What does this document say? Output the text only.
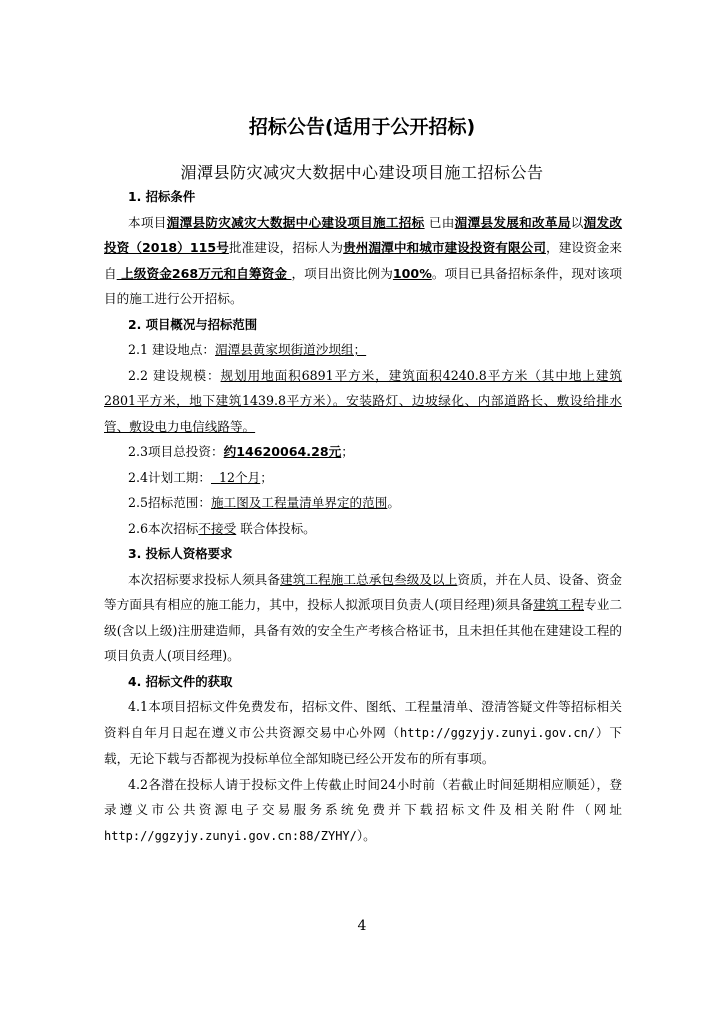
招标公告(适用于公开招标)
湄潭县防灾减灾大数据中心建设项目施工招标公告

1. 招标条件

本项目湄潭县防灾减灾大数据中心建设项目施工招标 已由湄潭县发展和改革局以湄发改投资（2018）115号批准建设，招标人为贵州湄潭中和城市建设投资有限公司，建设资金来自 上级资金268万元和自筹资金 ，项目出资比例为100%。项目已具备招标条件，现对该项目的施工进行公开招标。

2. 项目概况与招标范围

2.1 建设地点：湄潭县黄家坝街道沙坝组；

2.2 建设规模：规划用地面积6891平方米，建筑面积4240.8平方米（其中地上建筑2801平方米，地下建筑1439.8平方米）。安装路灯、边坡绿化、内部道路长、敷设给排水管、敷设电力电信线路等。

2.3项目总投资：约14620064.28元；

2.4计划工期：  12个月；

2.5招标范围：施工图及工程量清单界定的范围。

2.6本次招标不接受 联合体投标。

3. 投标人资格要求

本次招标要求投标人须具备建筑工程施工总承包叁级及以上资质，并在人员、设备、资金等方面具有相应的施工能力，其中，投标人拟派项目负责人(项目经理)须具备建筑工程专业二级(含以上级)注册建造师，具备有效的安全生产考核合格证书，且未担任其他在建建设工程的项目负责人(项目经理)。

4. 招标文件的获取

4.1本项目招标文件免费发布，招标文件、图纸、工程量清单、澄清答疑文件等招标相关资料自年月日起在遵义市公共资源交易中心外网（http://ggzyjy.zunyi.gov.cn/）下载，无论下载与否都视为投标单位全部知晓已经公开发布的所有事项。

4.2各潜在投标人请于投标文件上传截止时间24小时前（若截止时间延期相应顺延），登录遵义市公共资源电子交易服务系统免费并下载招标文件及相关附件（网址http://ggzyjy.zunyi.gov.cn:88/ZYHY/）。

4
